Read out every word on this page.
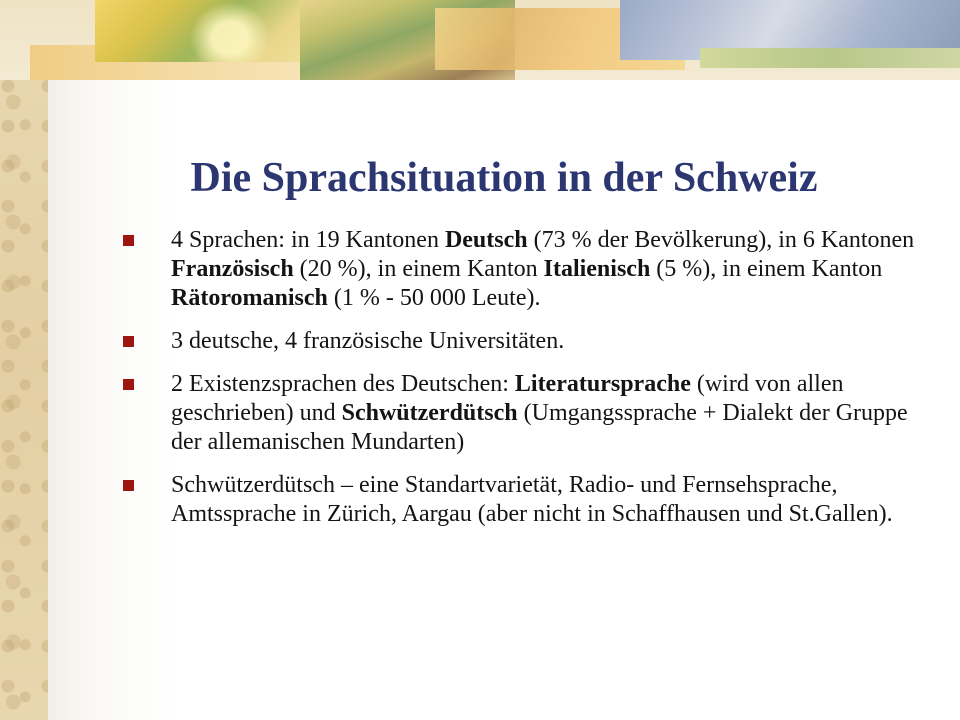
Die Sprachsituation in der Schweiz
4 Sprachen: in 19 Kantonen Deutsch (73 % der Bevölkerung), in 6 Kantonen Französisch (20 %), in einem Kanton Italienisch (5 %), in einem Kanton Rätoromanisch (1 % - 50 000 Leute).
3 deutsche, 4 französische Universitäten.
2 Existenzsprachen des Deutschen: Literatursprache (wird von allen geschrieben) und Schwützerdütsch (Umgangssprache + Dialekt der Gruppe der allemanischen Mundarten)
Schwützerdütsch – eine Standartvarietät, Radio- und Fernsehsprache, Amtssprache in Zürich, Aargau (aber nicht in Schaffhausen und St.Gallen).
